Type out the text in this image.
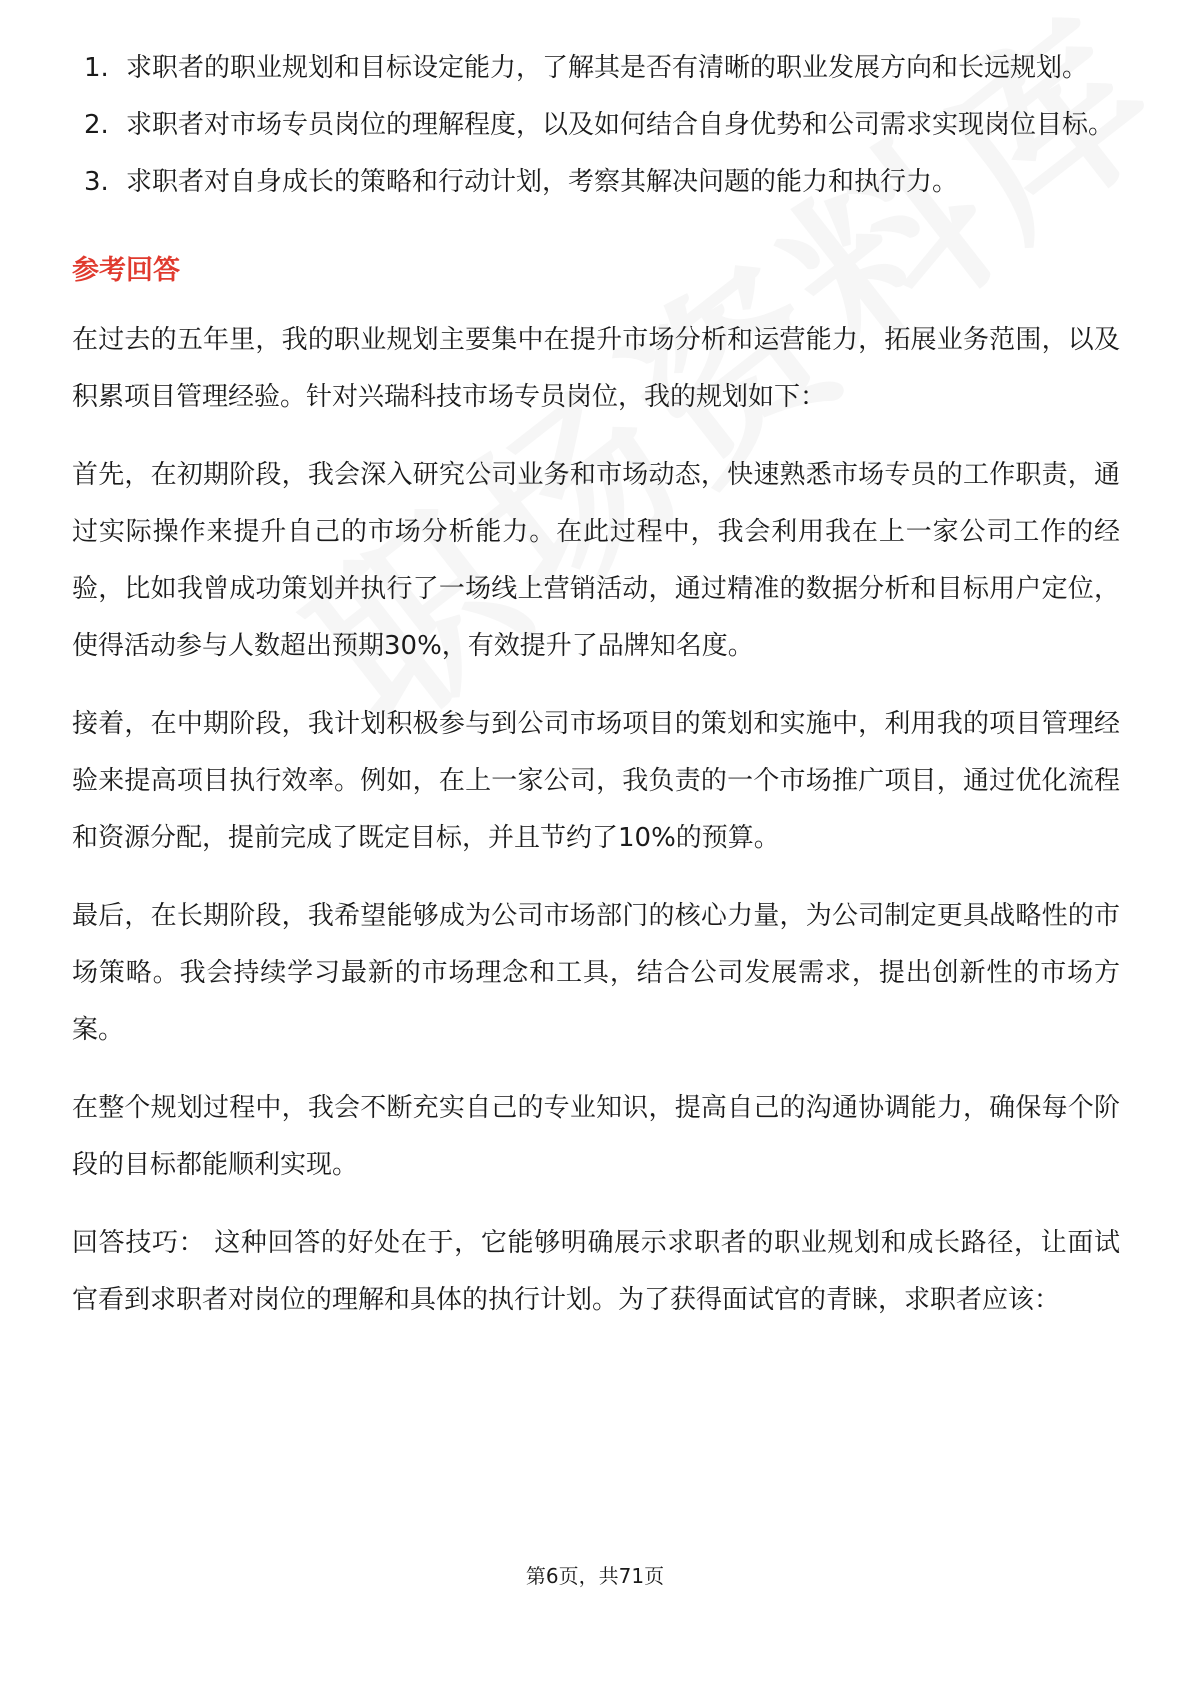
1. 求职者的职业规划和目标设定能力，了解其是否有清晰的职业发展方向和长远规划。
2. 求职者对市场专员岗位的理解程度，以及如何结合自身优势和公司需求实现岗位目标。
3. 求职者对自身成长的策略和行动计划，考察其解决问题的能力和执行力。
参考回答

在过去的五年里，我的职业规划主要集中在提升市场分析和运营能力，拓展业务范围，以及积累项目管理经验。针对兴瑞科技市场专员岗位，我的规划如下：

首先，在初期阶段，我会深入研究公司业务和市场动态，快速熟悉市场专员的工作职责，通过实际操作来提升自己的市场分析能力。在此过程中，我会利用我在上一家公司工作的经验，比如我曾成功策划并执行了一场线上营销活动，通过精准的数据分析和目标用户定位，使得活动参与人数超出预期30%，有效提升了品牌知名度。

接着，在中期阶段，我计划积极参与到公司市场项目的策划和实施中，利用我的项目管理经验来提高项目执行效率。例如，在上一家公司，我负责的一个市场推广项目，通过优化流程和资源分配，提前完成了既定目标，并且节约了10%的预算。

最后，在长期阶段，我希望能够成为公司市场部门的核心力量，为公司制定更具战略性的市场策略。我会持续学习最新的市场理念和工具，结合公司发展需求，提出创新性的市场方案。

在整个规划过程中，我会不断充实自己的专业知识，提高自己的沟通协调能力，确保每个阶段的目标都能顺利实现。

回答技巧： 这种回答的好处在于，它能够明确展示求职者的职业规划和成长路径，让面试官看到求职者对岗位的理解和具体的执行计划。为了获得面试官的青睐，求职者应该：

第6页，共71页
